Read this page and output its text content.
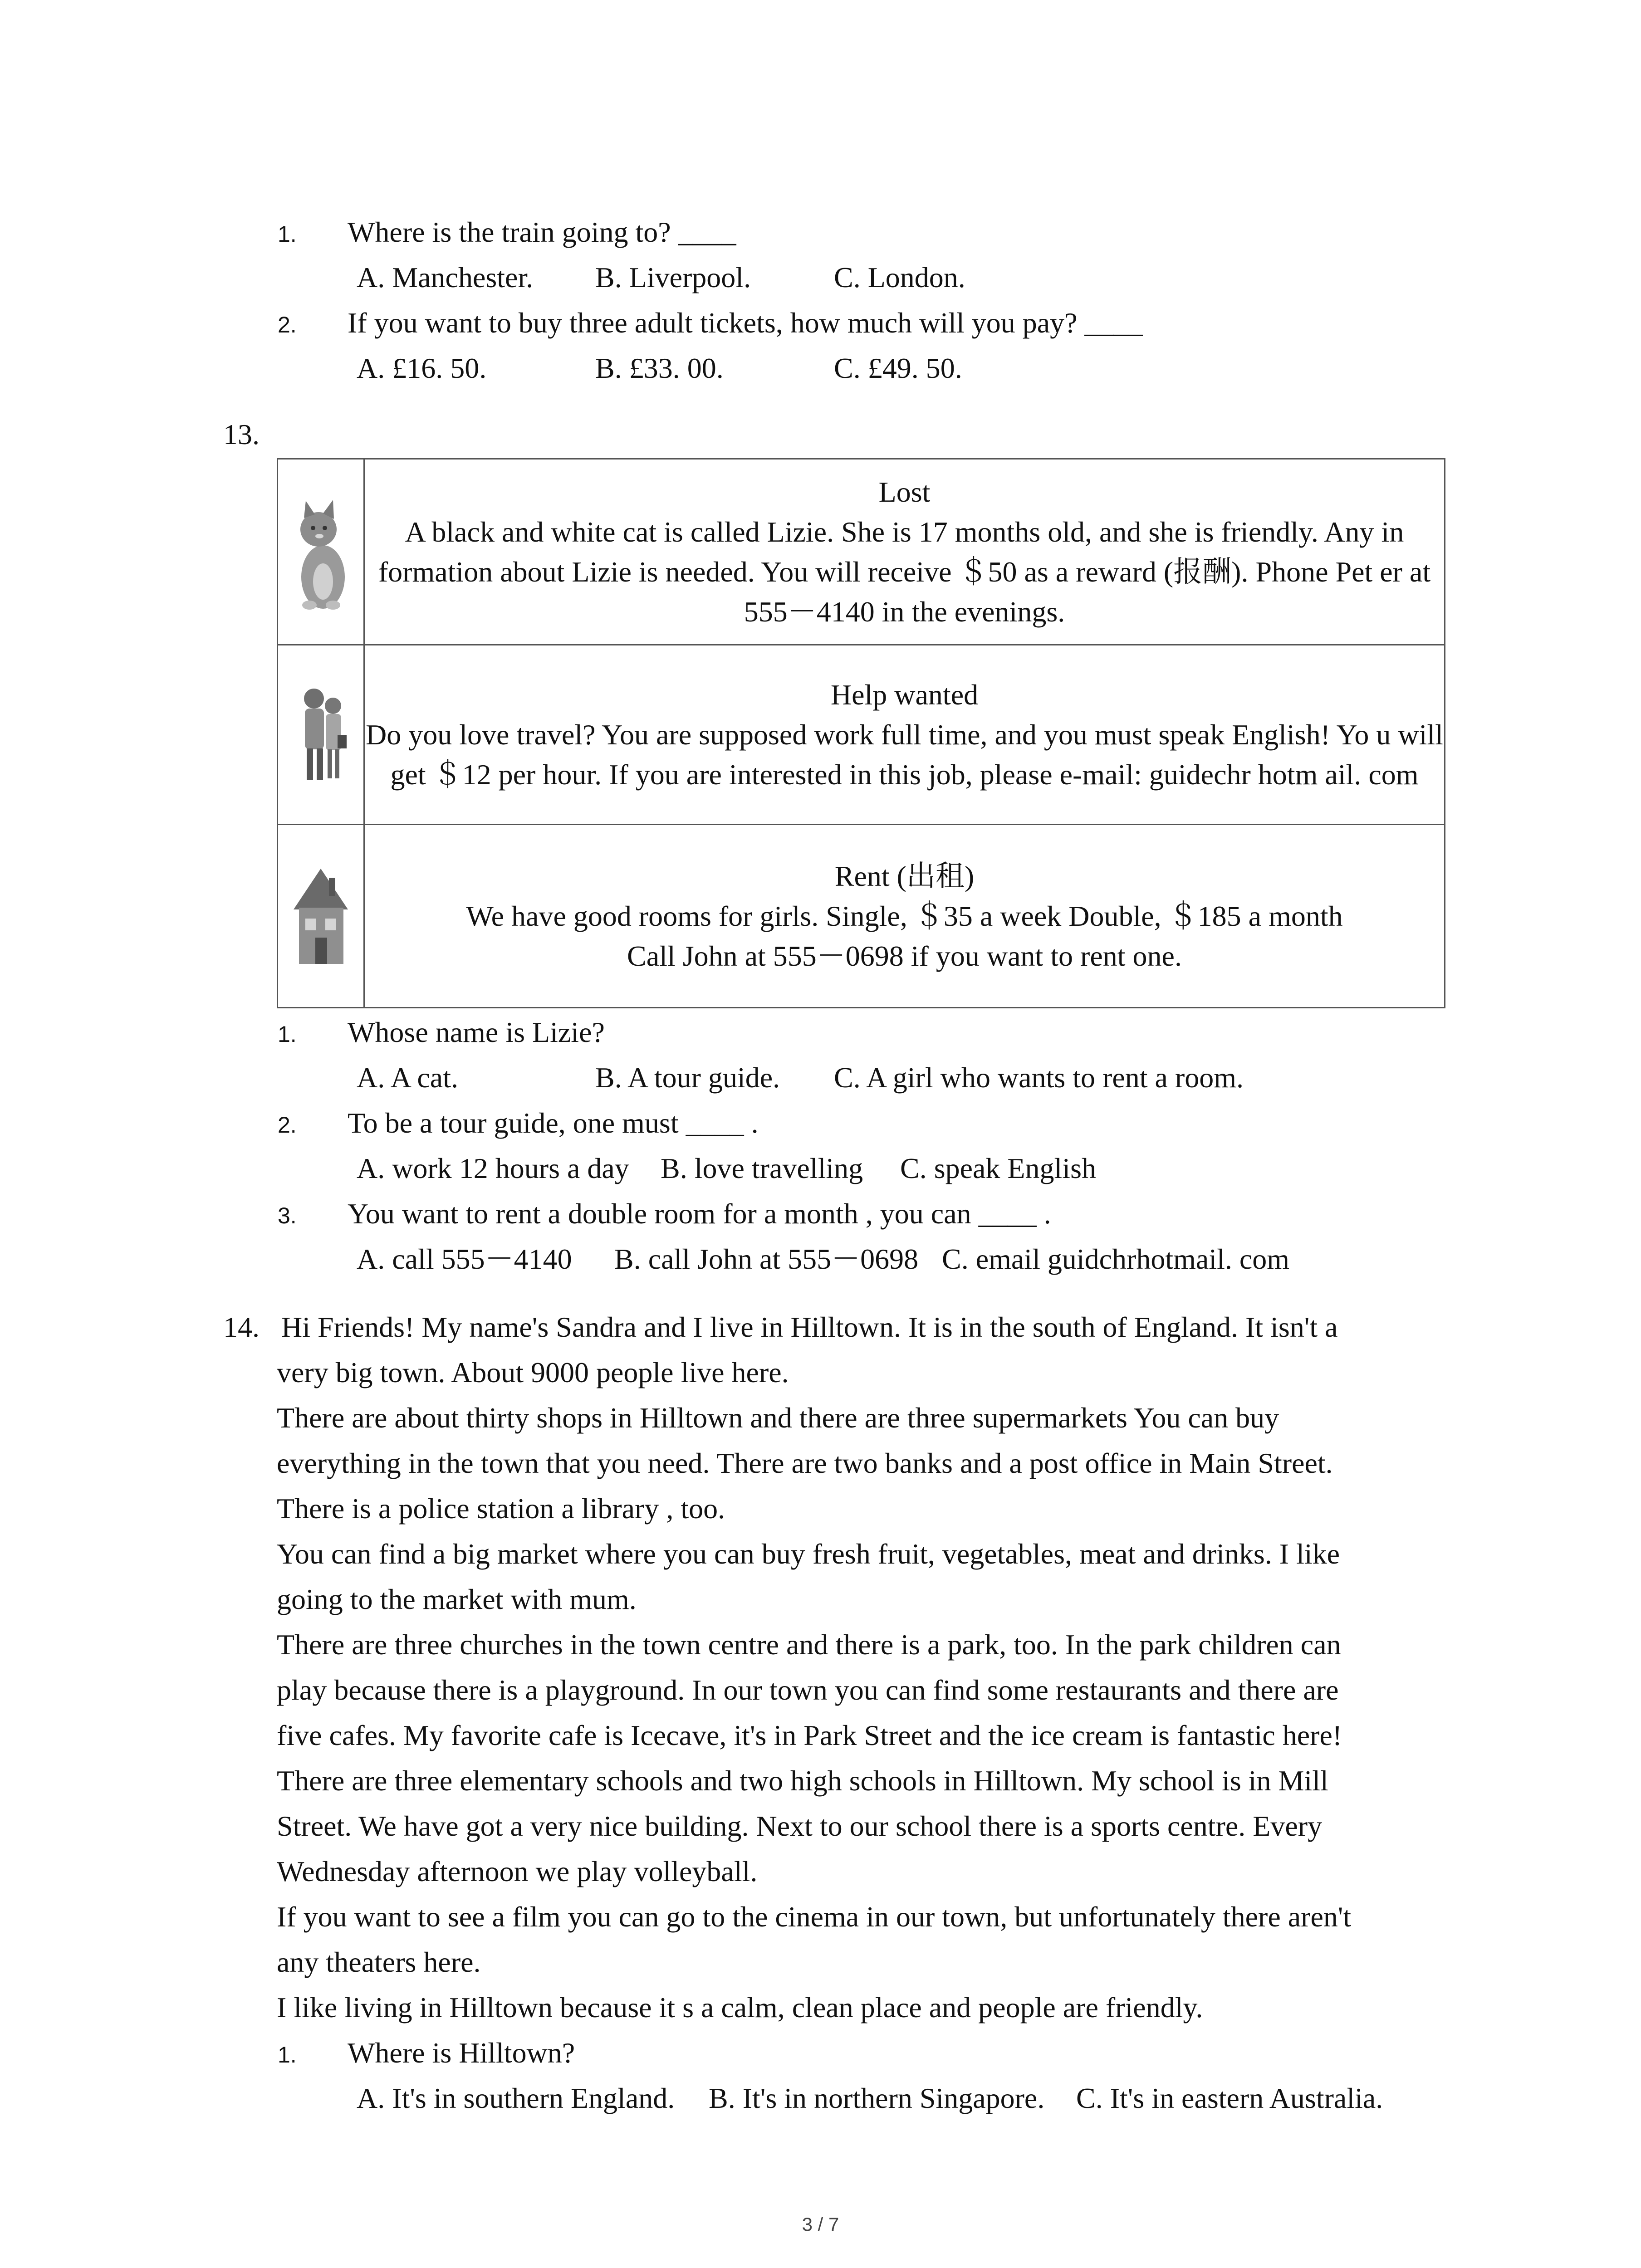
1. Where is the train going to? ____
A. Manchester. B. Liverpool.	C. London.
2. If you want to buy three adult tickets, how much will you pay? ____
A. £16. 50.	B. £33. 00.	C. £49. 50.
13.

Lost
A black and white cat is called Lizie. She is 17 months old, and she is friendly. Any in formation about Lizie is needed. You will receive ＄50 as a reward (报酬). Phone Pet er at 555－4140 in the evenings.

Help wanted
Do you love travel? You are supposed work full time, and you must speak English! Yo u will get ＄12 per hour. If you are interested in this job, please e-mail: guidechr hotm ail. com

Rent (出租)
We have good rooms for girls. Single, ＄35 a week Double, ＄185 a month
Call John at 555－0698 if you want to rent one.
1. Whose name is Lizie?
A. A cat.	B. A tour guide. C. A girl who wants to rent a room.
2. To be a tour guide, one must ____ .
A. work 12 hours a day B. love travelling C. speak English
3. You want to rent a double room for a month , you can ____ .
A. call 555－4140 B. call John at 555－0698 C. email guidchrhotmail. com
14. Hi Friends! My name's Sandra and I live in Hilltown. It is in the south of England. It isn't a
very big town. About 9000 people live here.
There are about thirty shops in Hilltown and there are three supermarkets You can buy
everything in the town that you need. There are two banks and a post office in Main Street.
There is a police station a library , too.
You can find a big market where you can buy fresh fruit, vegetables, meat and drinks. I like
going to the market with mum.
There are three churches in the town centre and there is a park, too. In the park children can
play because there is a playground. In our town you can find some restaurants and there are
five cafes. My favorite cafe is Icecave, it's in Park Street and the ice cream is fantastic here!
There are three elementary schools and two high schools in Hilltown. My school is in Mill
Street. We have got a very nice building. Next to our school there is a sports centre. Every
Wednesday afternoon we play volleyball.
If you want to see a film you can go to the cinema in our town, but unfortunately there aren't
any theaters here.
I like living in Hilltown because it s a calm, clean place and people are friendly.
1. Where is Hilltown?
A. It's in southern England. B. It's in northern Singapore. C. It's in eastern Australia.
3 / 7
